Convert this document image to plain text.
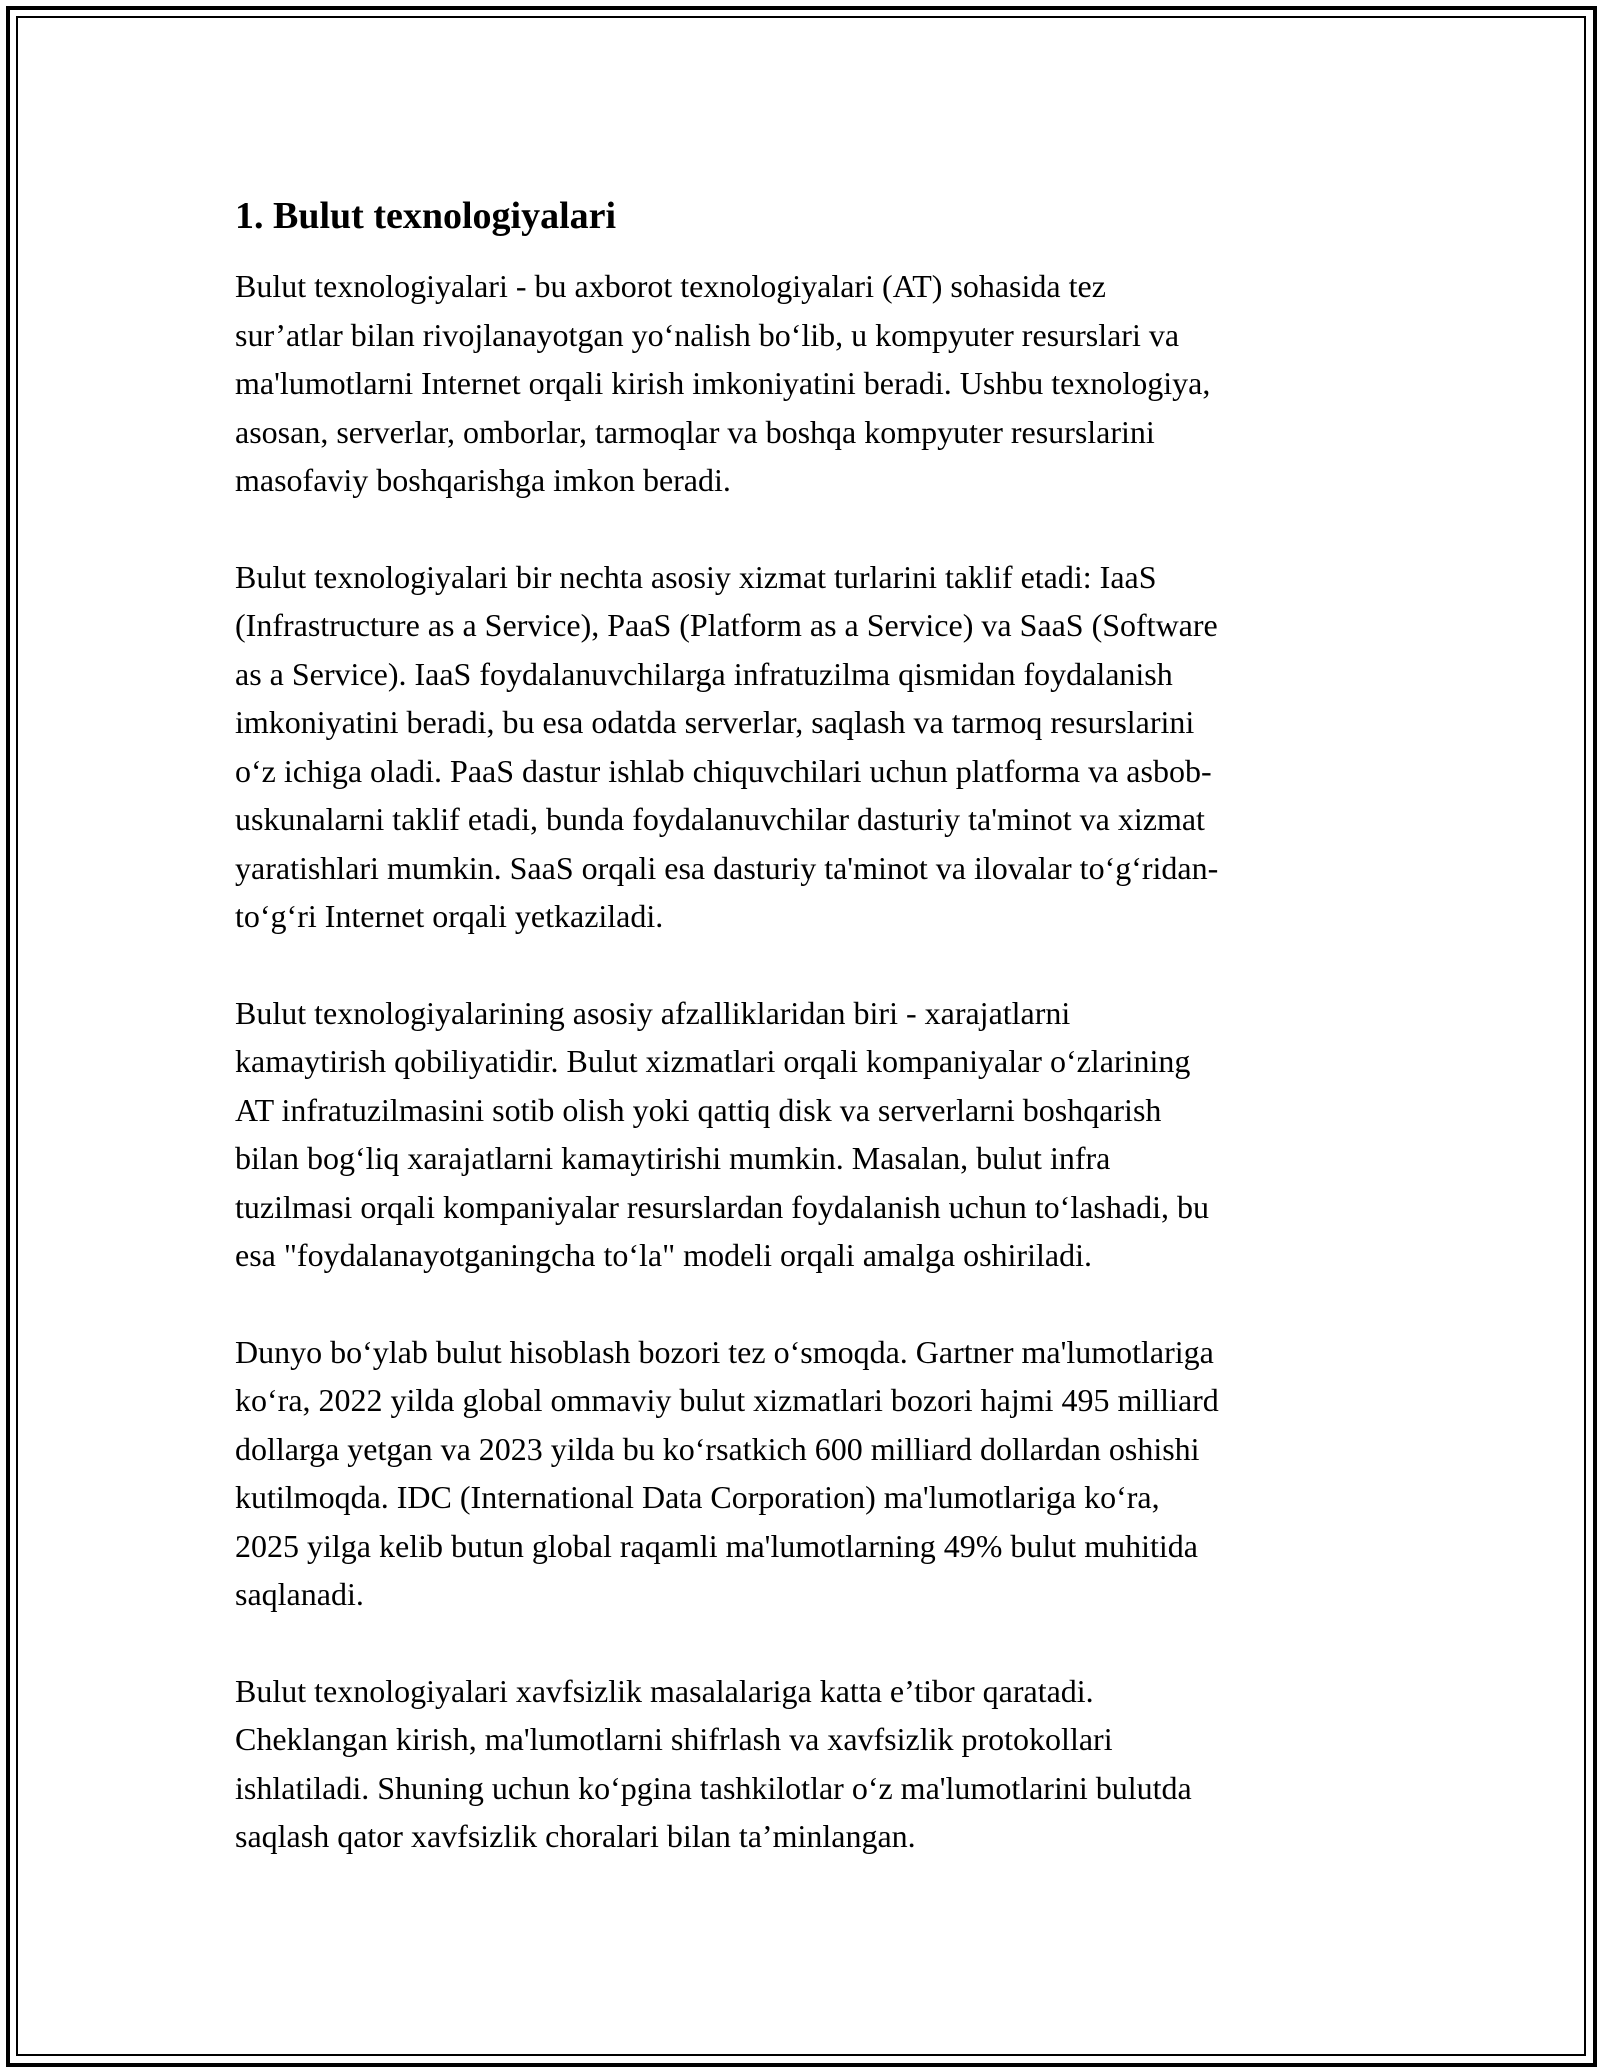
1. Bulut texnologiyalari

Bulut texnologiyalari - bu axborot texnologiyalari (AT) sohasida tez
sur’atlar bilan rivojlanayotgan yo‘nalish bo‘lib, u kompyuter resurslari va
ma'lumotlarni Internet orqali kirish imkoniyatini beradi. Ushbu texnologiya,
asosan, serverlar, omborlar, tarmoqlar va boshqa kompyuter resurslarini
masofaviy boshqarishga imkon beradi.

Bulut texnologiyalari bir nechta asosiy xizmat turlarini taklif etadi: IaaS
(Infrastructure as a Service), PaaS (Platform as a Service) va SaaS (Software
as a Service). IaaS foydalanuvchilarga infratuzilma qismidan foydalanish
imkoniyatini beradi, bu esa odatda serverlar, saqlash va tarmoq resurslarini
o‘z ichiga oladi. PaaS dastur ishlab chiquvchilari uchun platforma va asbob-
uskunalarni taklif etadi, bunda foydalanuvchilar dasturiy ta'minot va xizmat
yaratishlari mumkin. SaaS orqali esa dasturiy ta'minot va ilovalar to‘g‘ridan-
to‘g‘ri Internet orqali yetkaziladi.

Bulut texnologiyalarining asosiy afzalliklaridan biri - xarajatlarni
kamaytirish qobiliyatidir. Bulut xizmatlari orqali kompaniyalar o‘zlarining
AT infratuzilmasini sotib olish yoki qattiq disk va serverlarni boshqarish
bilan bog‘liq xarajatlarni kamaytirishi mumkin. Masalan, bulut infra
tuzilmasi orqali kompaniyalar resurslardan foydalanish uchun to‘lashadi, bu
esa "foydalanayotganingcha to‘la" modeli orqali amalga oshiriladi.

Dunyo bo‘ylab bulut hisoblash bozori tez o‘smoqda. Gartner ma'lumotlariga
ko‘ra, 2022 yilda global ommaviy bulut xizmatlari bozori hajmi 495 milliard
dollarga yetgan va 2023 yilda bu ko‘rsatkich 600 milliard dollardan oshishi
kutilmoqda. IDC (International Data Corporation) ma'lumotlariga ko‘ra,
2025 yilga kelib butun global raqamli ma'lumotlarning 49% bulut muhitida
saqlanadi.

Bulut texnologiyalari xavfsizlik masalalariga katta e’tibor qaratadi.
Cheklangan kirish, ma'lumotlarni shifrlash va xavfsizlik protokollari
ishlatiladi. Shuning uchun ko‘pgina tashkilotlar o‘z ma'lumotlarini bulutda
saqlash qator xavfsizlik choralari bilan ta’minlangan.
